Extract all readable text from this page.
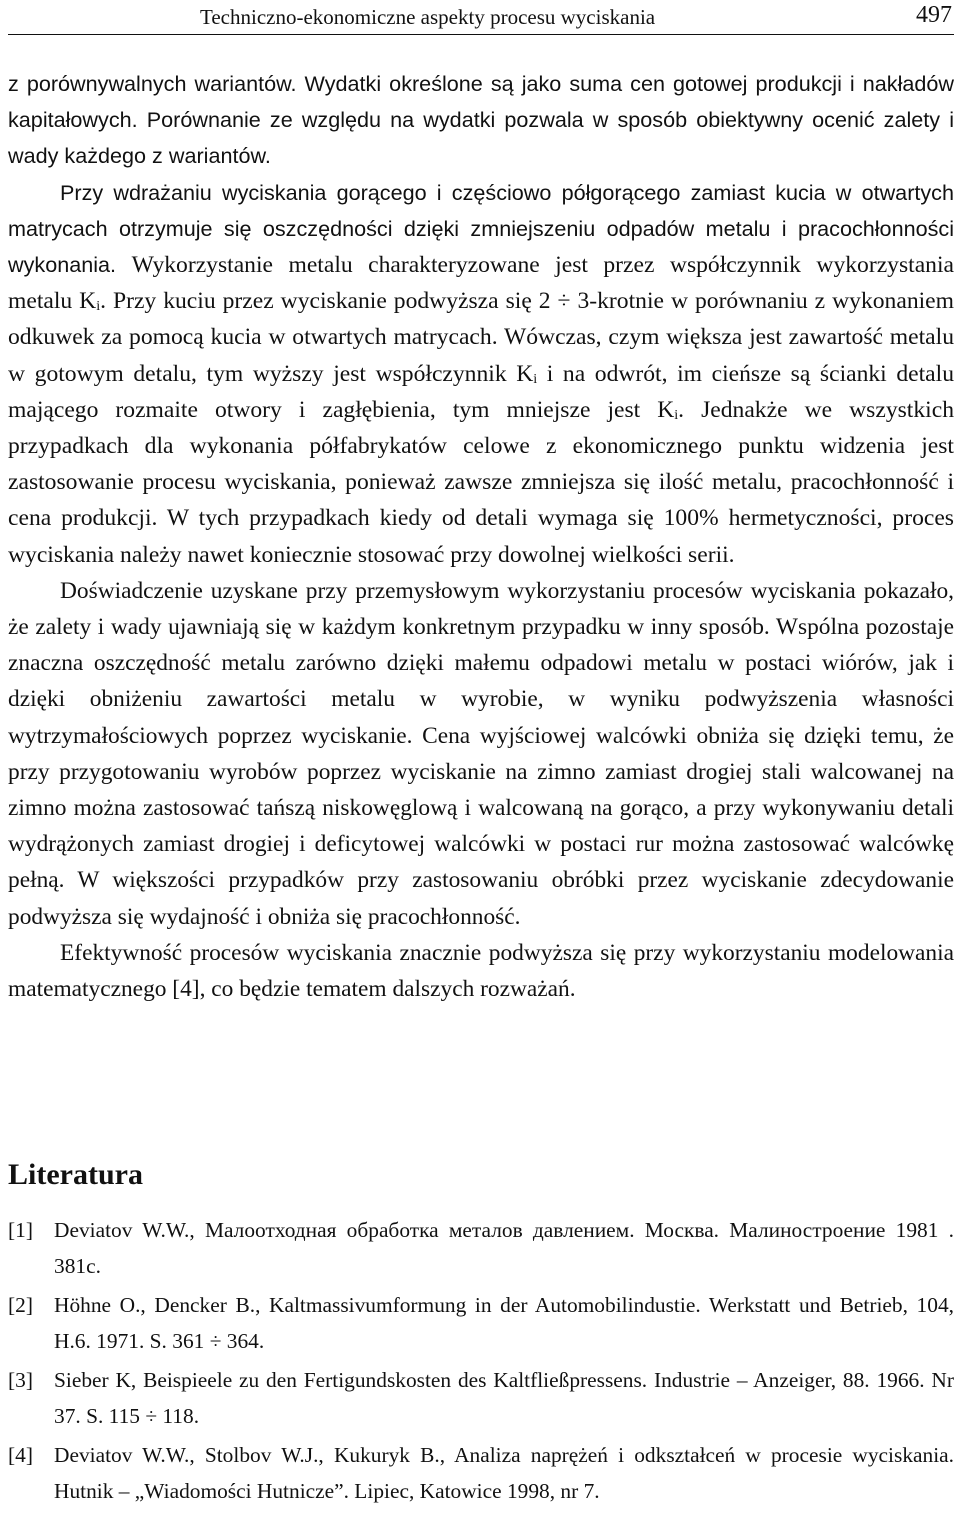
Techniczno-ekonomiczne aspekty procesu wyciskania	497

z porównywalnych wariantów. Wydatki określone są jako suma cen gotowej produkcji i nakładów kapitałowych. Porównanie ze względu na wydatki pozwala w sposób obiektywny ocenić zalety i wady każdego z wariantów.

Przy wdrażaniu wyciskania gorącego i częściowo półgorącego zamiast kucia w otwartych matrycach otrzymuje się oszczędności dzięki zmniejszeniu odpadów metalu i pracochłonności wykonania. Wykorzystanie metalu charakteryzowane jest przez współczynnik wykorzystania metalu Kᵢ. Przy kuciu przez wyciskanie podwyższa się 2 ÷ 3-krotnie w porównaniu z wykonaniem odkuwek za pomocą kucia w otwartych matrycach. Wówczas, czym większa jest zawartość metalu w gotowym detalu, tym wyższy jest współczynnik Kᵢ i na odwrót, im cieńsze są ścianki detalu mającego rozmaite otwory i zagłębienia, tym mniejsze jest Kᵢ. Jednakże we wszystkich przypadkach dla wykonania półfabrykatów celowe z ekonomicznego punktu widzenia jest zastosowanie procesu wyciskania, ponieważ zawsze zmniejsza się ilość metalu, pracochłonność i cena produkcji. W tych przypadkach kiedy od detali wymaga się 100% hermetyczności, proces wyciskania należy nawet koniecznie stosować przy dowolnej wielkości serii.

Doświadczenie uzyskane przy przemysłowym wykorzystaniu procesów wyciskania pokazało, że zalety i wady ujawniają się w każdym konkretnym przypadku w inny sposób. Wspólna pozostaje znaczna oszczędność metalu zarówno dzięki małemu odpadowi metalu w postaci wiórów, jak i dzięki obniżeniu zawartości metalu w wyrobie, w wyniku podwyższenia własności wytrzymałościowych poprzez wyciskanie. Cena wyjściowej walcówki obniża się dzięki temu, że przy przygotowaniu wyrobów poprzez wyciskanie na zimno zamiast drogiej stali walcowanej na zimno można zastosować tańszą niskowęglową i walcowaną na gorąco, a przy wykonywaniu detali wydrążonych zamiast drogiej i deficytowej walcówki w postaci rur można zastosować walcówkę pełną. W większości przypadków przy zastosowaniu obróbki przez wyciskanie zdecydowanie podwyższa się wydajność i obniża się pracochłonność.

Efektywność procesów wyciskania znacznie podwyższa się przy wykorzystaniu modelowania matematycznego [4], co będzie tematem dalszych rozważań.

Literatura
[1] Deviatov W.W., Малоотходная обработка металов давлением. Москва. Малиностроение 1981 . 381c.
[2] Höhne O., Dencker B., Kaltmassivumformung in der Automobilindustie. Werkstatt und Betrieb, 104, H.6. 1971. S. 361 ÷ 364.
[3] Sieber K, Beispieele zu den Fertigundskosten des Kaltfließpressens. Industrie – Anzeiger, 88. 1966. Nr 37. S. 115 ÷ 118.
[4] Deviatov W.W., Stolbov W.J., Kukuryk B., Analiza naprężeń i odkształceń w procesie wyciskania. Hutnik – „Wiadomości Hutnicze”. Lipiec, Katowice 1998, nr 7.
